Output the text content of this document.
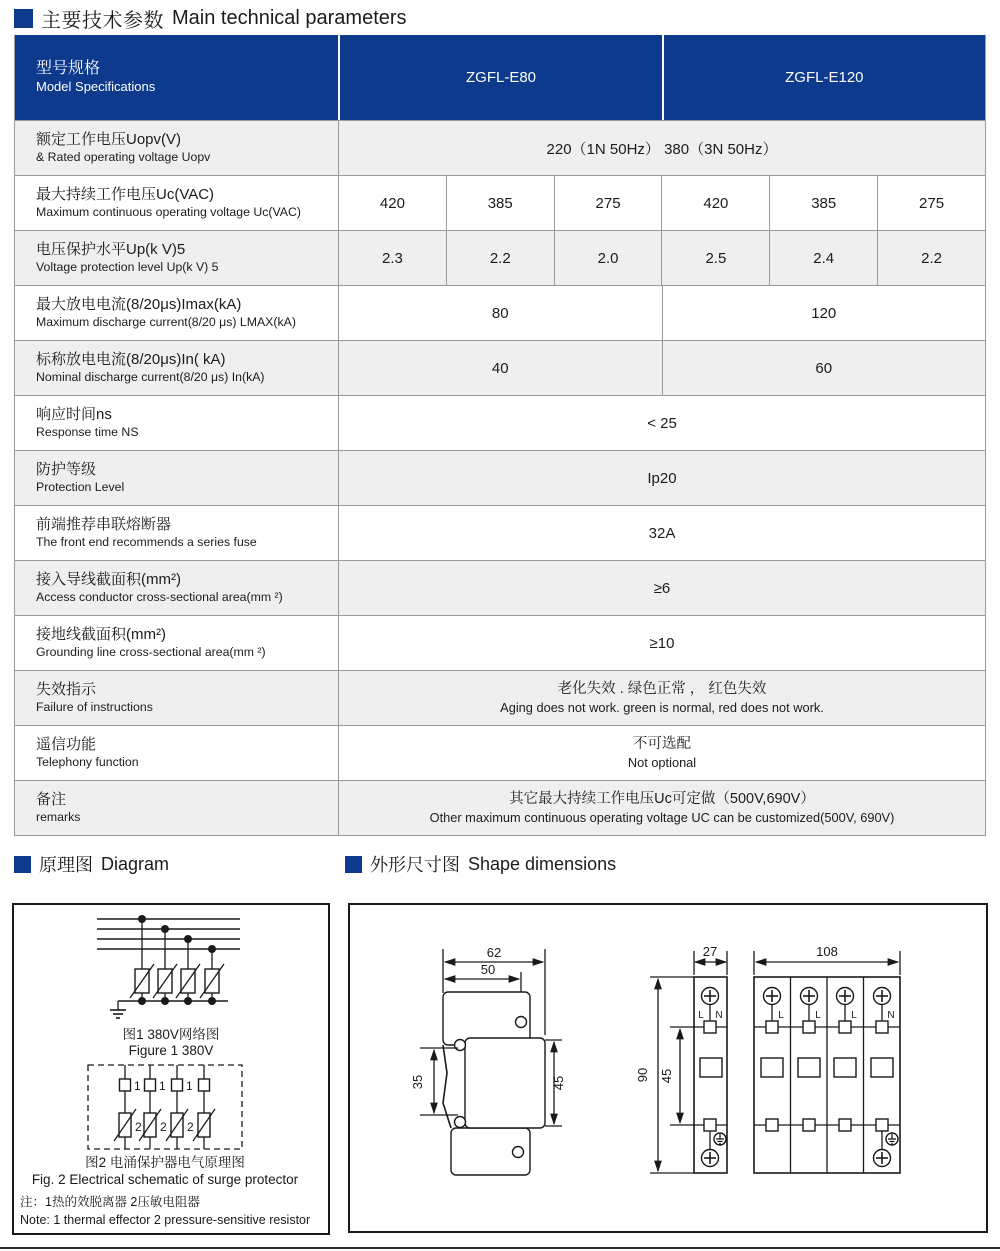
主要技术参数 Main technical parameters
型号规格
Model Specifications
ZGFL-E80	ZGFL-E120
额定工作电压Uopv(V)
& Rated operating voltage Uopv	220（1N 50Hz） 380（3N 50Hz）
最大持续工作电压Uc(VAC)
Maximum continuous operating voltage Uc(VAC)
420	385	275	420	385	275
电压保护水平Up(k V)5
Voltage protection level Up(k V) 5
2.3	2.2	2.0	2.5	2.4	2.2
最大放电电流(8/20μs)Imax(kA)
Maximum discharge current(8/20 μs) LMAX(kA)
80	120
标称放电电流(8/20μs)In( kA)
Nominal discharge current(8/20 μs) In(kA)
40	60
响应时间ns
Response time NS
< 25
防护等级
Protection Level
Ip20
前端推荐串联熔断器
The front end recommends a series fuse
32A
接入导线截面积(mm²)
Access conductor cross-sectional area(mm ²)
≥6
接地线截面积(mm²)
Grounding line cross-sectional area(mm ²)
≥10
失效指示
Failure of instructions
老化失效 . 绿色正常 ， 红色失效
Aging does not work. green is normal, red does not work.
遥信功能
Telephony function
不可选配
Not optional
备注
remarks
其它最大持续工作电压Uc可定做（500V,690V）
Other maximum continuous operating voltage UC can be customized(500V, 690V)
原理图 Diagram	外形尺寸图 Shape dimensions
图1 380V网络图
Figure 1 380V
1
2
1
2
1
2
图2 电涌保护器电气原理图
Fig. 2 Electrical schematic of surge protector
注：1热的效脱离器 2压敏电阻器
Note: 1 thermal effector 2 pressure-sensitive resistor
62
50
35	45
90 45
27
L N
108
L	L	L	N
